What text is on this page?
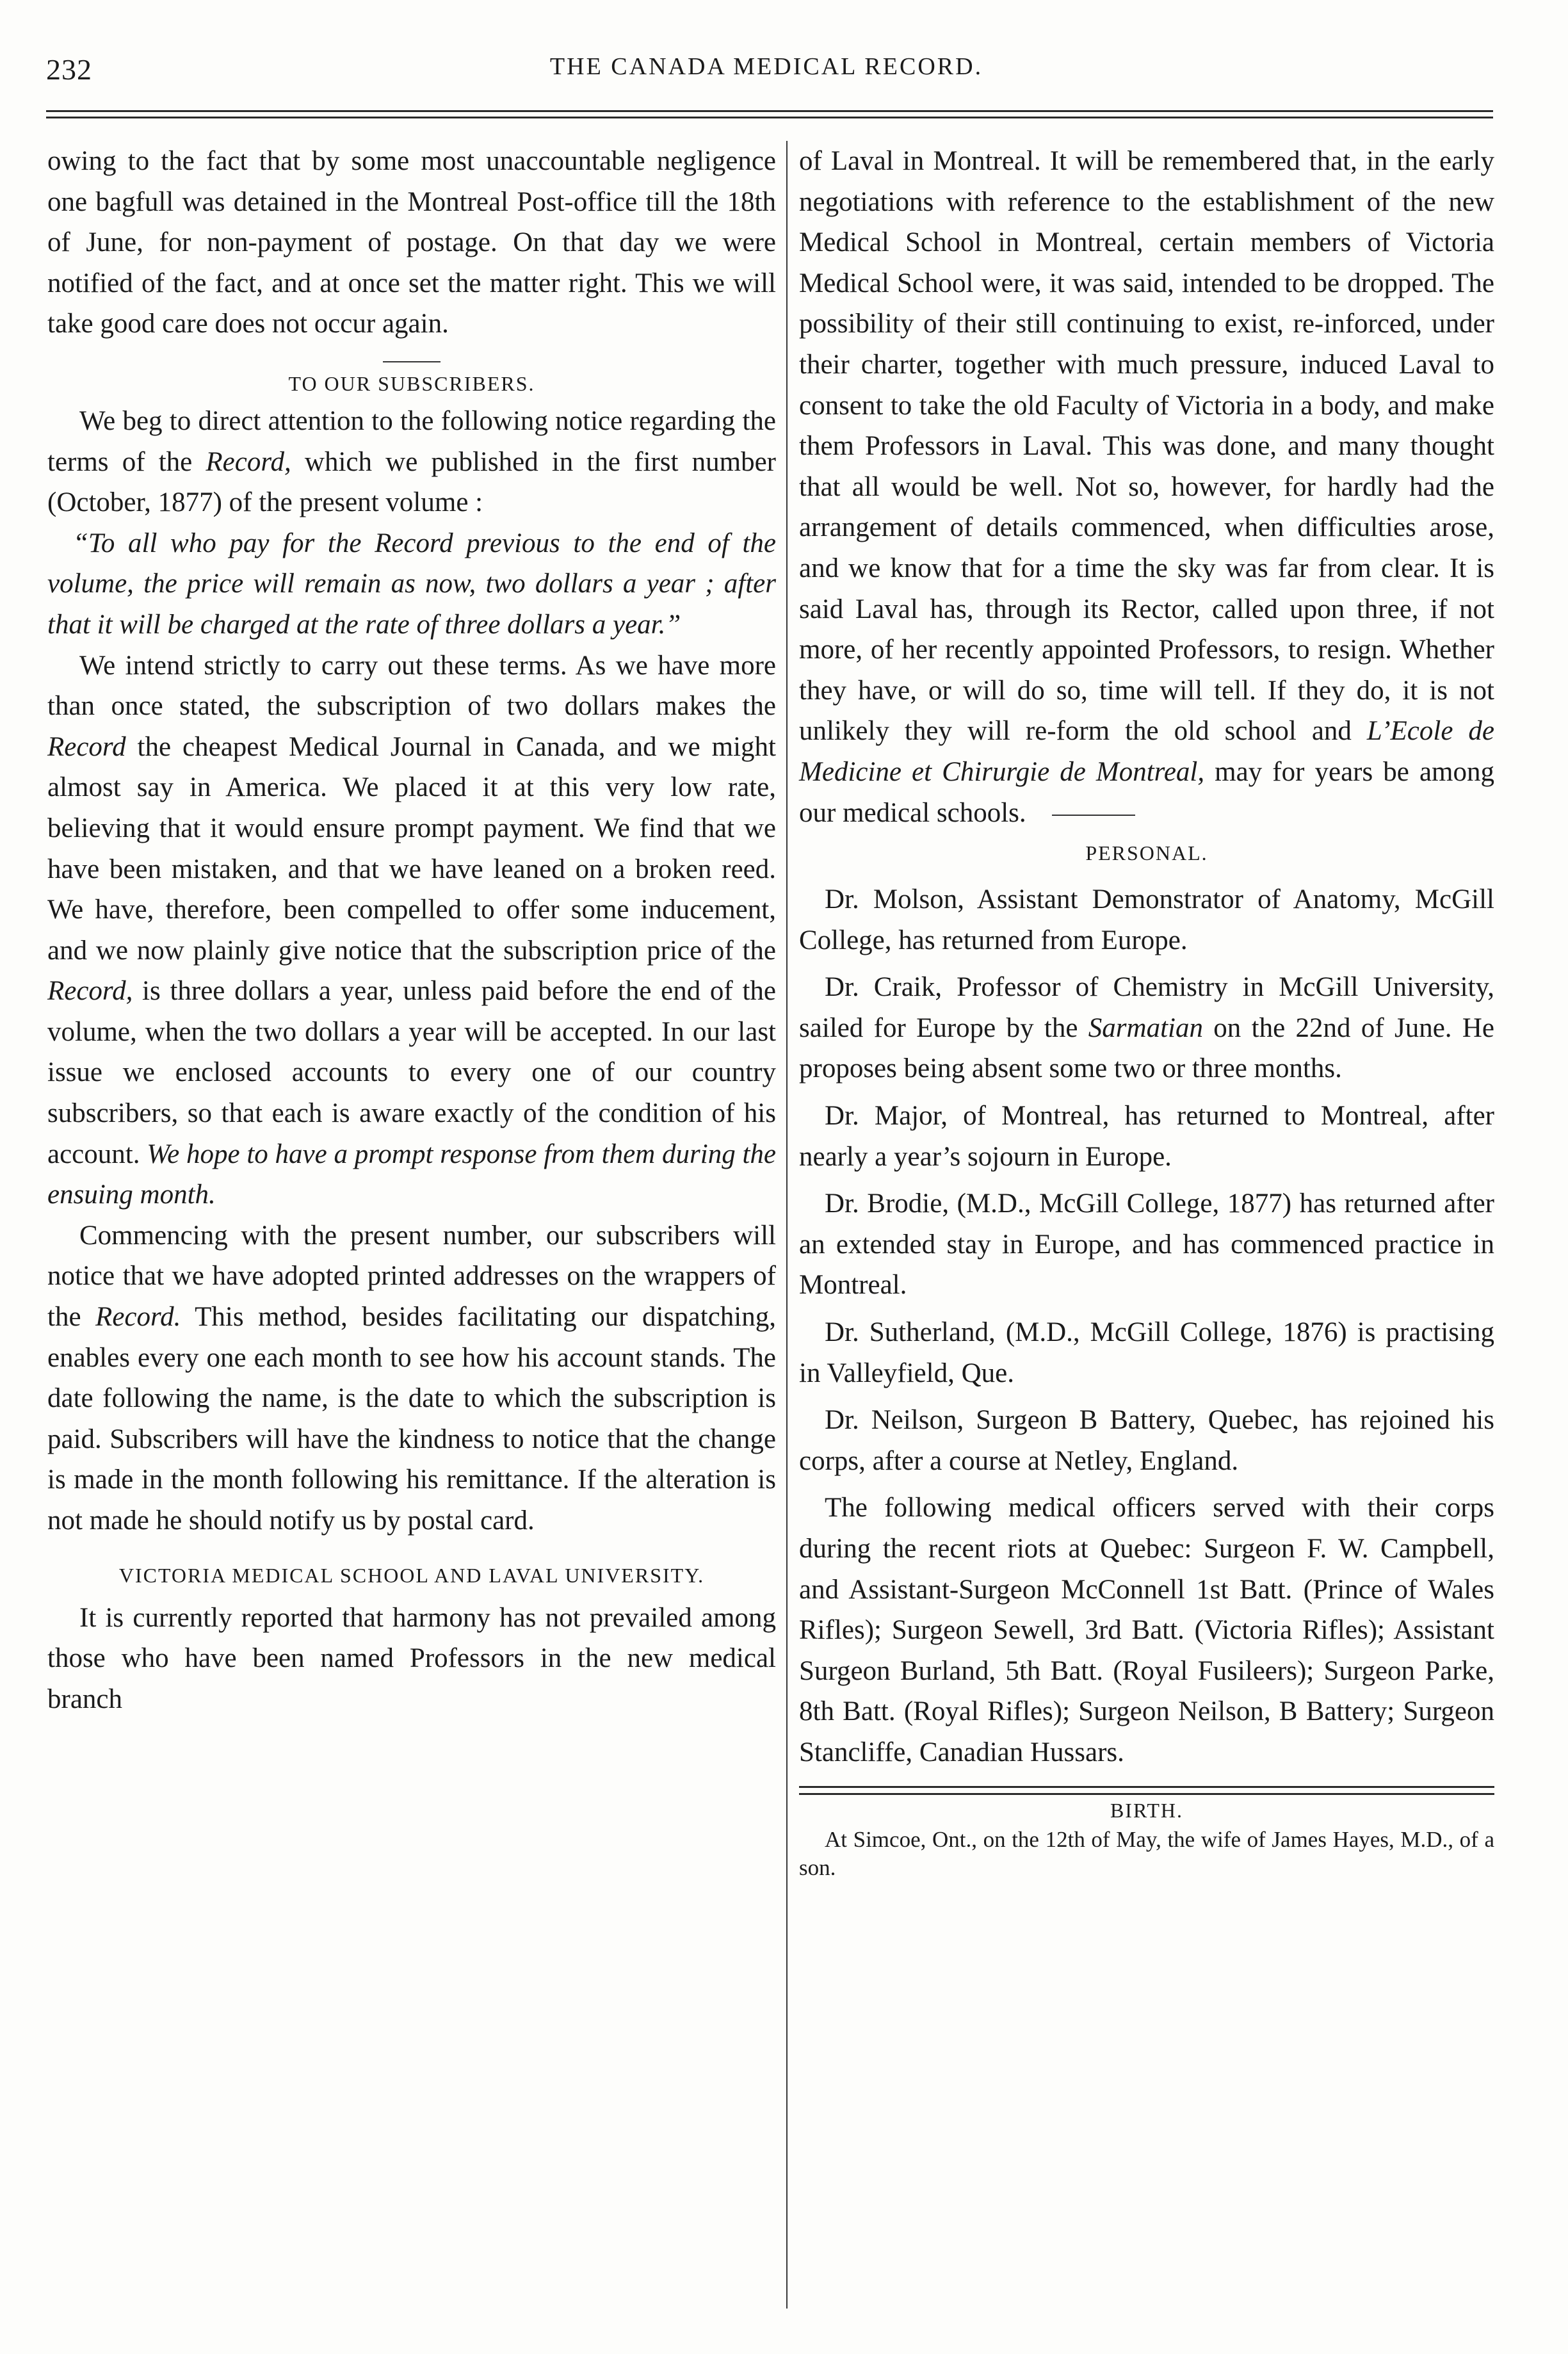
232	THE CANADA MEDICAL RECORD.

owing to the fact that by some most unaccountable negligence one bagfull was detained in the Montreal Post-office till the 18th of June, for non-payment of postage. On that day we were notified of the fact, and at once set the matter right. This we will take good care does not occur again.

TO OUR SUBSCRIBERS.

We beg to direct attention to the following notice regarding the terms of the Record, which we published in the first number (October, 1877) of the present volume :

“To all who pay for the Record previous to the end of the volume, the price will remain as now, two dollars a year ; after that it will be charged at the rate of three dollars a year.”

We intend strictly to carry out these terms. As we have more than once stated, the subscription of two dollars makes the Record the cheapest Medical Journal in Canada, and we might almost say in America. We placed it at this very low rate, believing that it would ensure prompt payment. We find that we have been mistaken, and that we have leaned on a broken reed. We have, therefore, been compelled to offer some inducement, and we now plainly give notice that the subscription price of the Record, is three dollars a year, unless paid before the end of the volume, when the two dollars a year will be accepted. In our last issue we enclosed accounts to every one of our country subscribers, so that each is aware exactly of the condition of his account. We hope to have a prompt response from them during the ensuing month.

Commencing with the present number, our subscribers will notice that we have adopted printed addresses on the wrappers of the Record. This method, besides facilitating our dispatching, enables every one each month to see how his account stands. The date following the name, is the date to which the subscription is paid. Subscribers will have the kindness to notice that the change is made in the month following his remittance. If the alteration is not made he should notify us by postal card.

VICTORIA MEDICAL SCHOOL AND LAVAL UNIVERSITY.

It is currently reported that harmony has not prevailed among those who have been named Professors in the new medical branch

of Laval in Montreal. It will be remembered that, in the early negotiations with reference to the establishment of the new Medical School in Montreal, certain members of Victoria Medical School were, it was said, intended to be dropped. The possibility of their still continuing to exist, re-inforced, under their charter, together with much pressure, induced Laval to consent to take the old Faculty of Victoria in a body, and make them Professors in Laval. This was done, and many thought that all would be well. Not so, however, for hardly had the arrangement of details commenced, when difficulties arose, and we know that for a time the sky was far from clear. It is said Laval has, through its Rector, called upon three, if not more, of her recently appointed Professors, to resign. Whether they have, or will do so, time will tell. If they do, it is not unlikely they will re-form the old school and L’Ecole de Medicine et Chirurgie de Montreal, may for years be among our medical schools.

PERSONAL.

Dr. Molson, Assistant Demonstrator of Anatomy, McGill College, has returned from Europe.

Dr. Craik, Professor of Chemistry in McGill University, sailed for Europe by the Sarmatian on the 22nd of June. He proposes being absent some two or three months.

Dr. Major, of Montreal, has returned to Montreal, after nearly a year’s sojourn in Europe.

Dr. Brodie, (M.D., McGill College, 1877) has returned after an extended stay in Europe, and has commenced practice in Montreal.

Dr. Sutherland, (M.D., McGill College, 1876) is practising in Valleyfield, Que.

Dr. Neilson, Surgeon B Battery, Quebec, has rejoined his corps, after a course at Netley, England.

The following medical officers served with their corps during the recent riots at Quebec: Surgeon F. W. Campbell, and Assistant-Surgeon McConnell 1st Batt. (Prince of Wales Rifles); Surgeon Sewell, 3rd Batt. (Victoria Rifles); Assistant Surgeon Burland, 5th Batt. (Royal Fusileers); Surgeon Parke, 8th Batt. (Royal Rifles); Surgeon Neilson, B Battery; Surgeon Stancliffe, Canadian Hussars.

BIRTH.

At Simcoe, Ont., on the 12th of May, the wife of James Hayes, M.D., of a son.
